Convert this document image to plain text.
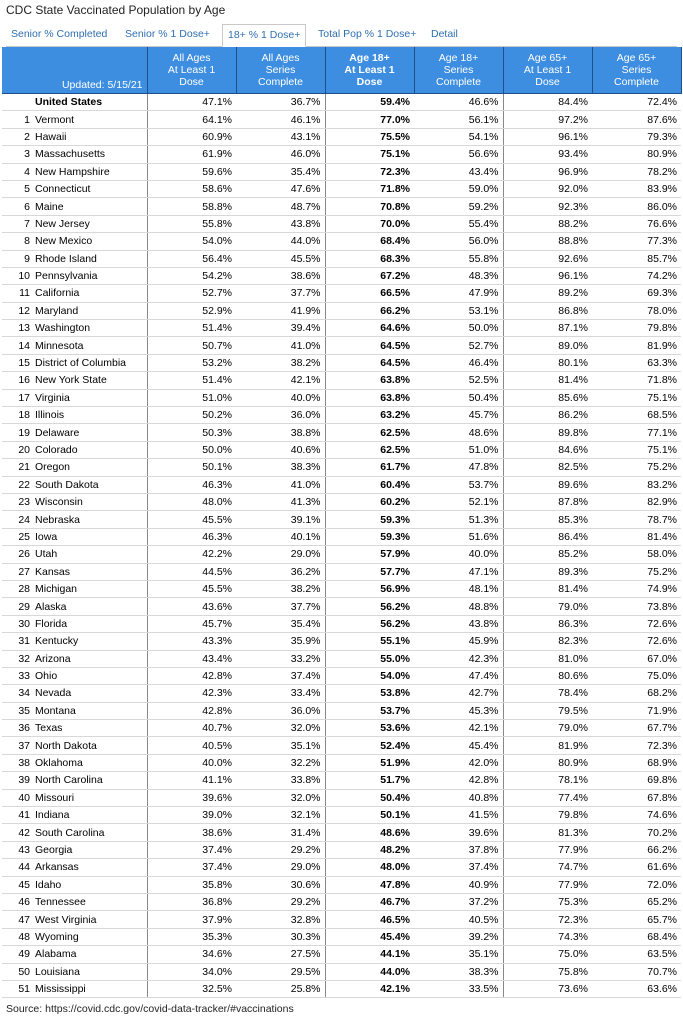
CDC State Vaccinated Population by Age
Senior % Completed	Senior % 1 Dose+	18+ % 1 Dose+	Total Pop % 1 Dose+	Detail
Updated: 5/15/21		All Ages
At Least 1
Dose	All Ages
Series
Complete	Age 18+
At Least 1
Dose	Age 18+
Series
Complete	Age 65+
At Least 1
Dose	Age 65+
Series
Complete
	United States	47.1%	36.7%	59.4%	46.6%	84.4%	72.4%
1	Vermont	64.1%	46.1%	77.0%	56.1%	97.2%	87.6%
2	Hawaii	60.9%	43.1%	75.5%	54.1%	96.1%	79.3%
3	Massachusetts	61.9%	46.0%	75.1%	56.6%	93.4%	80.9%
4	New Hampshire	59.6%	35.4%	72.3%	43.4%	96.9%	78.2%
5	Connecticut	58.6%	47.6%	71.8%	59.0%	92.0%	83.9%
6	Maine	58.8%	48.7%	70.8%	59.2%	92.3%	86.0%
7	New Jersey	55.8%	43.8%	70.0%	55.4%	88.2%	76.6%
8	New Mexico	54.0%	44.0%	68.4%	56.0%	88.8%	77.3%
9	Rhode Island	56.4%	45.5%	68.3%	55.8%	92.6%	85.7%
10	Pennsylvania	54.2%	38.6%	67.2%	48.3%	96.1%	74.2%
11	California	52.7%	37.7%	66.5%	47.9%	89.2%	69.3%
12	Maryland	52.9%	41.9%	66.2%	53.1%	86.8%	78.0%
13	Washington	51.4%	39.4%	64.6%	50.0%	87.1%	79.8%
14	Minnesota	50.7%	41.0%	64.5%	52.7%	89.0%	81.9%
15	District of Columbia	53.2%	38.2%	64.5%	46.4%	80.1%	63.3%
16	New York State	51.4%	42.1%	63.8%	52.5%	81.4%	71.8%
17	Virginia	51.0%	40.0%	63.8%	50.4%	85.6%	75.1%
18	Illinois	50.2%	36.0%	63.2%	45.7%	86.2%	68.5%
19	Delaware	50.3%	38.8%	62.5%	48.6%	89.8%	77.1%
20	Colorado	50.0%	40.6%	62.5%	51.0%	84.6%	75.1%
21	Oregon	50.1%	38.3%	61.7%	47.8%	82.5%	75.2%
22	South Dakota	46.3%	41.0%	60.4%	53.7%	89.6%	83.2%
23	Wisconsin	48.0%	41.3%	60.2%	52.1%	87.8%	82.9%
24	Nebraska	45.5%	39.1%	59.3%	51.3%	85.3%	78.7%
25	Iowa	46.3%	40.1%	59.3%	51.6%	86.4%	81.4%
26	Utah	42.2%	29.0%	57.9%	40.0%	85.2%	58.0%
27	Kansas	44.5%	36.2%	57.7%	47.1%	89.3%	75.2%
28	Michigan	45.5%	38.2%	56.9%	48.1%	81.4%	74.9%
29	Alaska	43.6%	37.7%	56.2%	48.8%	79.0%	73.8%
30	Florida	45.7%	35.4%	56.2%	43.8%	86.3%	72.6%
31	Kentucky	43.3%	35.9%	55.1%	45.9%	82.3%	72.6%
32	Arizona	43.4%	33.2%	55.0%	42.3%	81.0%	67.0%
33	Ohio	42.8%	37.4%	54.0%	47.4%	80.6%	75.0%
34	Nevada	42.3%	33.4%	53.8%	42.7%	78.4%	68.2%
35	Montana	42.8%	36.0%	53.7%	45.3%	79.5%	71.9%
36	Texas	40.7%	32.0%	53.6%	42.1%	79.0%	67.7%
37	North Dakota	40.5%	35.1%	52.4%	45.4%	81.9%	72.3%
38	Oklahoma	40.0%	32.2%	51.9%	42.0%	80.9%	68.9%
39	North Carolina	41.1%	33.8%	51.7%	42.8%	78.1%	69.8%
40	Missouri	39.6%	32.0%	50.4%	40.8%	77.4%	67.8%
41	Indiana	39.0%	32.1%	50.1%	41.5%	79.8%	74.6%
42	South Carolina	38.6%	31.4%	48.6%	39.6%	81.3%	70.2%
43	Georgia	37.4%	29.2%	48.2%	37.8%	77.9%	66.2%
44	Arkansas	37.4%	29.0%	48.0%	37.4%	74.7%	61.6%
45	Idaho	35.8%	30.6%	47.8%	40.9%	77.9%	72.0%
46	Tennessee	36.8%	29.2%	46.7%	37.2%	75.3%	65.2%
47	West Virginia	37.9%	32.8%	46.5%	40.5%	72.3%	65.7%
48	Wyoming	35.3%	30.3%	45.4%	39.2%	74.3%	68.4%
49	Alabama	34.6%	27.5%	44.1%	35.1%	75.0%	63.5%
50	Louisiana	34.0%	29.5%	44.0%	38.3%	75.8%	70.7%
51	Mississippi	32.5%	25.8%	42.1%	33.5%	73.6%	63.6%
Source: https://covid.cdc.gov/covid-data-tracker/#vaccinations
